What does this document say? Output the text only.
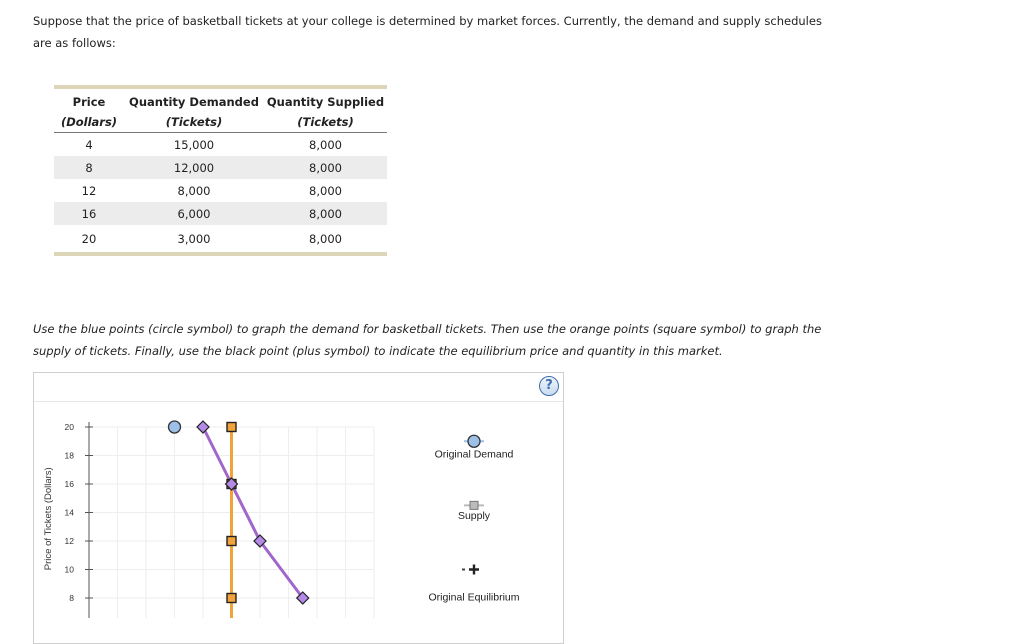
Suppose that the price of basketball tickets at your college is determined by market forces. Currently, the demand and supply schedules are as follows:
Price	Quantity Demanded	Quantity Supplied
(Dollars)	(Tickets)	(Tickets)
4	15,000	8,000
8	12,000	8,000
12	8,000	8,000
16	6,000	8,000
20	3,000	8,000
Use the blue points (circle symbol) to graph the demand for basketball tickets. Then use the orange points (square symbol) to graph the supply of tickets. Finally, use the black point (plus symbol) to indicate the equilibrium price and quantity in this market.
?
20
18
16
14
12
10
8
Price of Tickets (Dollars)
Original Demand
Supply
Original Equilibrium
